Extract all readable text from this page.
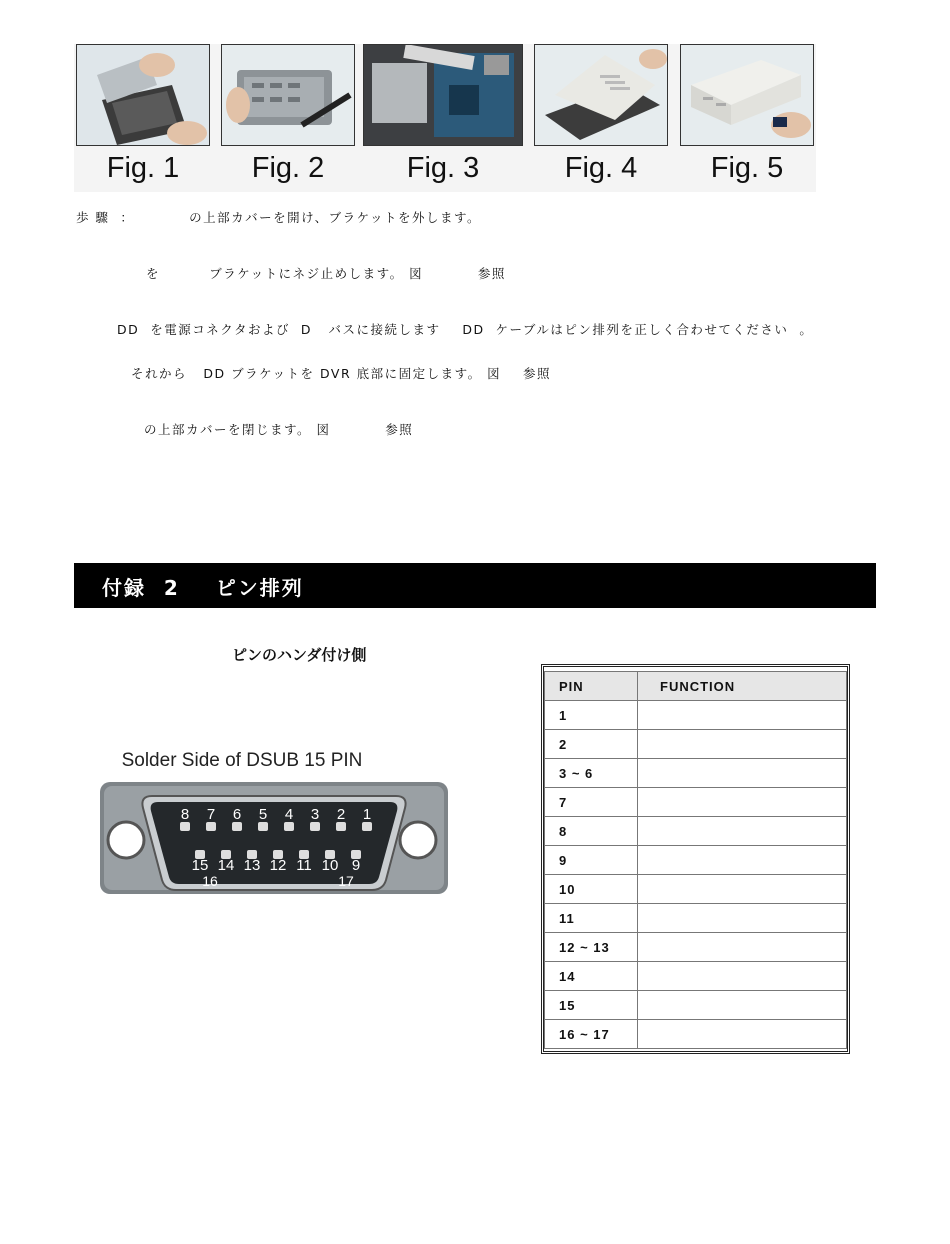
Fig. 1	Fig. 2	Fig. 3	Fig. 4	Fig. 5
歩 驟  ：          の上部カバーを開け、ブラケットを外します。
を         ブラケットにネジ止めします。 図          参照
DD  を電源コネクタおよび  D   バスに接続します    DD  ケーブルはピン排列を正しく合わせてください  。
それから   DD ブラケットを DVR 底部に固定します。 図    参照
の上部カバーを閉じます。 図          参照
付録  2    ピン排列
ピンのハンダ付け側
Solder Side of DSUB 15 PIN
8 7 6 5 4 3 2 1
15 14 13 12 11 10 9
16	17
PIN	FUNCTION
1	
2	
3 ~ 6	
7	
8	
9	
10	
11	
12 ~ 13	
14	
15	
16 ~ 17	
